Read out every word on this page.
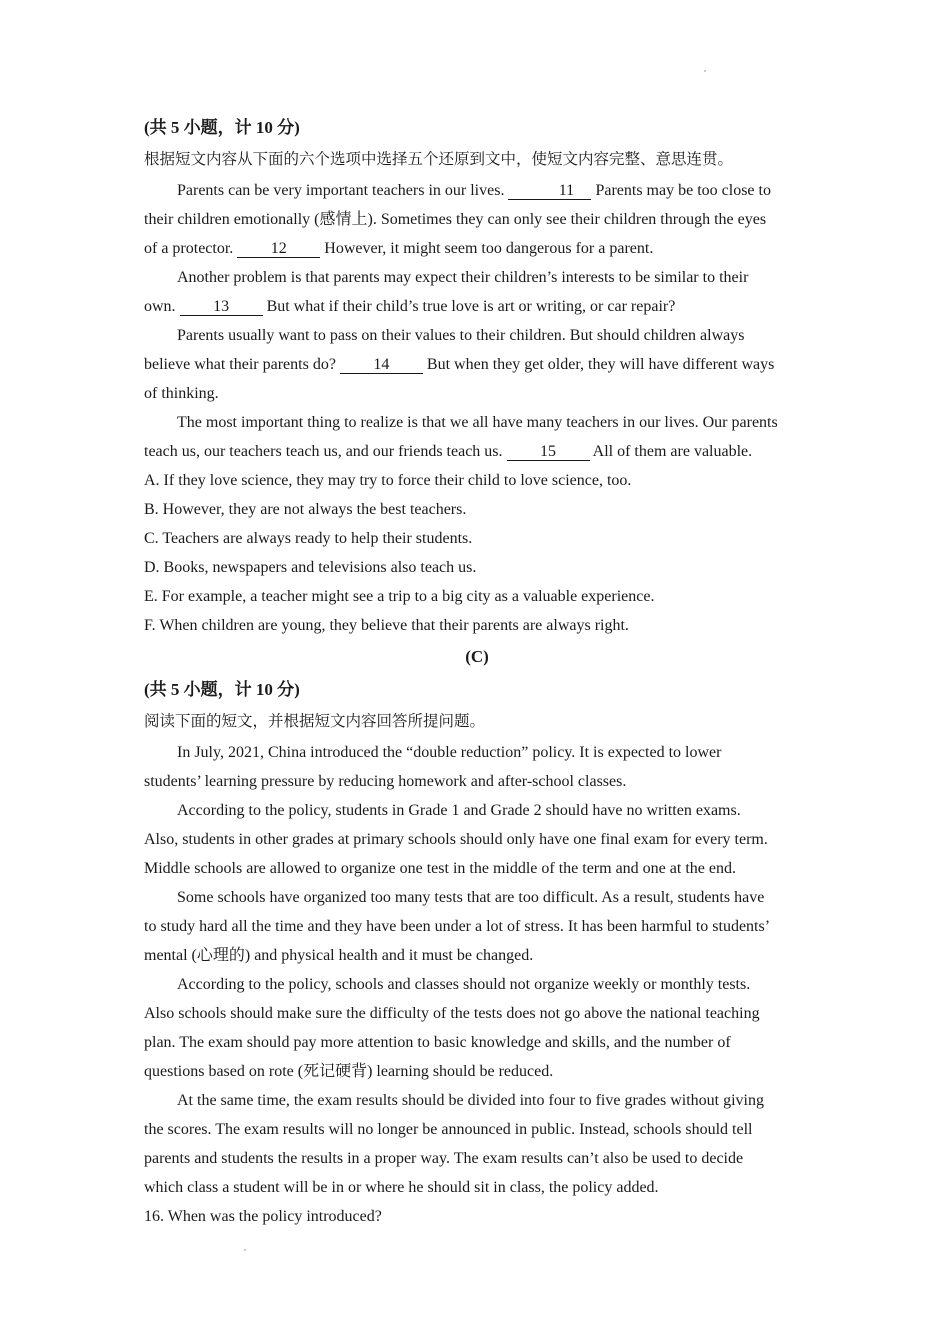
(共 5 小题，计 10 分)

根据短文内容从下面的六个选项中选择五个还原到文中，使短文内容完整、意思连贯。

Parents can be very important teachers in our lives.	11 Parents may be too close to

their children emotionally (感情上). Sometimes they can only see their children through the eyes

of a protector. 12 However, it might seem too dangerous for a parent.

Another problem is that parents may expect their children’s interests to be similar to their

own. 13 But what if their child’s true love is art or writing, or car repair?

Parents usually want to pass on their values to their children. But should children always

believe what their parents do? 14 But when they get older, they will have different ways

of thinking.

The most important thing to realize is that we all have many teachers in our lives. Our parents

teach us, our teachers teach us, and our friends teach us. 15 All of them are valuable.

A. If they love science, they may try to force their child to love science, too.

B. However, they are not always the best teachers.

C. Teachers are always ready to help their students.

D. Books, newspapers and televisions also teach us.

E. For example, a teacher might see a trip to a big city as a valuable experience.

F. When children are young, they believe that their parents are always right.

(C)

(共 5 小题，计 10 分)

阅读下面的短文，并根据短文内容回答所提问题。

In July, 2021, China introduced the “double reduction” policy. It is expected to lower

students’ learning pressure by reducing homework and after-school classes.

According to the policy, students in Grade 1 and Grade 2 should have no written exams.

Also, students in other grades at primary schools should only have one final exam for every term.

Middle schools are allowed to organize one test in the middle of the term and one at the end.

Some schools have organized too many tests that are too difficult. As a result, students have

to study hard all the time and they have been under a lot of stress. It has been harmful to students’

mental (心理的) and physical health and it must be changed.

According to the policy, schools and classes should not organize weekly or monthly tests.

Also schools should make sure the difficulty of the tests does not go above the national teaching

plan. The exam should pay more attention to basic knowledge and skills, and the number of

questions based on rote (死记硬背) learning should be reduced.

At the same time, the exam results should be divided into four to five grades without giving

the scores. The exam results will no longer be announced in public. Instead, schools should tell

parents and students the results in a proper way. The exam results can’t also be used to decide

which class a student will be in or where he should sit in class, the policy added.

16. When was the policy introduced?
